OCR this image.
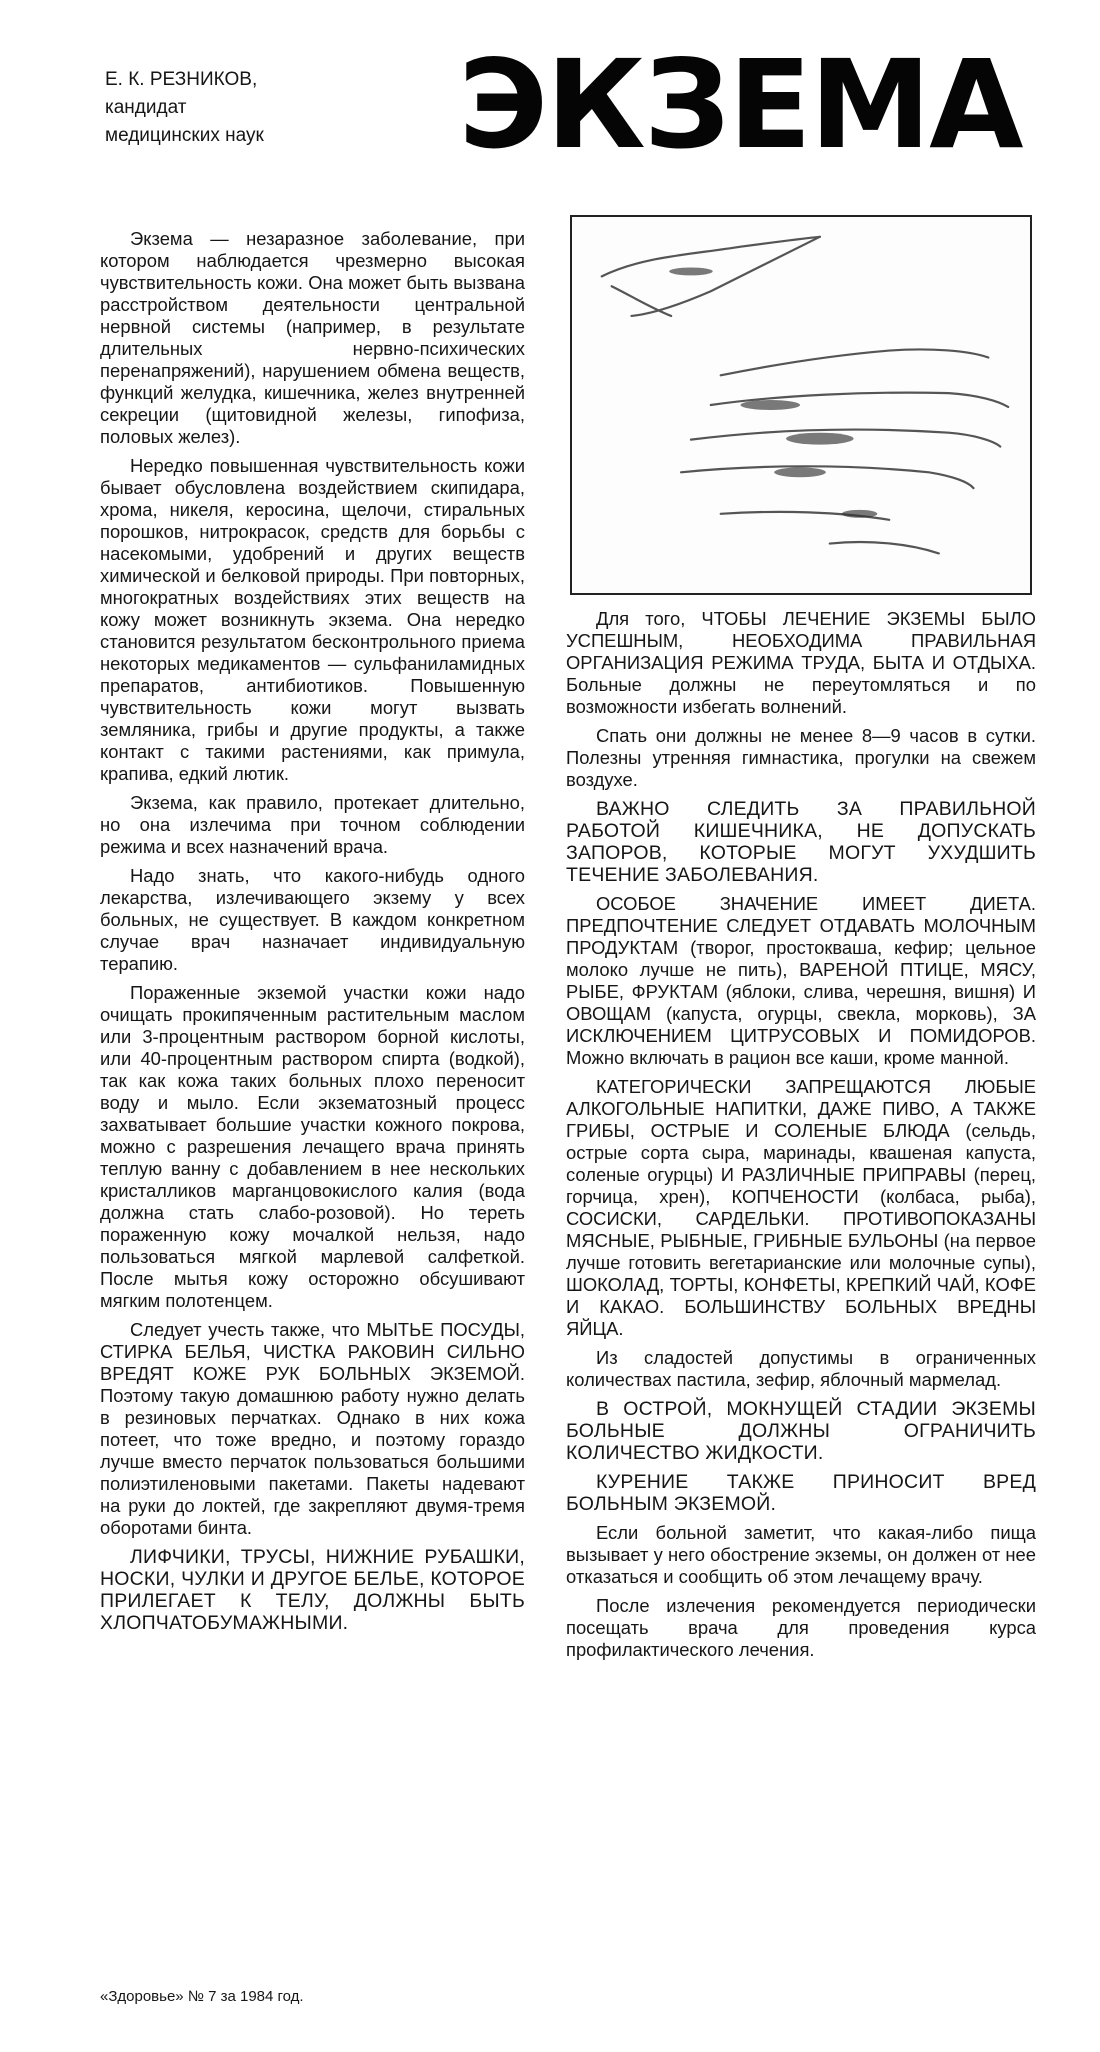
Е. К. РЕЗНИКОВ,
кандидат
медицинских наук	ЭКЗЕМА

Экзема — незаразное заболевание, при котором наблюдается чрезмерно высокая чувствительность кожи. Она может быть вызвана расстройством деятельности центральной нервной системы (например, в результате длительных нервно-психических перенапряжений), нарушением обмена веществ, функций желудка, кишечника, желез внутренней секреции (щитовидной железы, гипофиза, половых желез).

Нередко повышенная чувствительность кожи бывает обусловлена воздействием скипидара, хрома, никеля, керосина, щелочи, стиральных порошков, нитрокрасок, средств для борьбы с насекомыми, удобрений и других веществ химической и белковой природы. При повторных, многократных воздействиях этих веществ на кожу может возникнуть экзема. Она нередко становится результатом бесконтрольного приема некоторых медикаментов — сульфаниламидных препаратов, антибиотиков. Повышенную чувствительность кожи могут вызвать земляника, грибы и другие продукты, а также контакт с такими растениями, как примула, крапива, едкий лютик.

Экзема, как правило, протекает длительно, но она излечима при точном соблюдении режима и всех назначений врача.

Надо знать, что какого-нибудь одного лекарства, излечивающего экзему у всех больных, не существует. В каждом конкретном случае врач назначает индивидуальную терапию.

Пораженные экземой участки кожи надо очищать прокипяченным растительным маслом или 3-процентным раствором борной кислоты, или 40-процентным раствором спирта (водкой), так как кожа таких больных плохо переносит воду и мыло. Если экзематозный процесс захватывает большие участки кожного покрова, можно с разрешения лечащего врача принять теплую ванну с добавлением в нее нескольких кристалликов марганцовокислого калия (вода должна стать слабо-розовой). Но тереть пораженную кожу мочалкой нельзя, надо пользоваться мягкой марлевой салфеткой. После мытья кожу осторожно обсушивают мягким полотенцем.

Следует учесть также, что МЫТЬЕ ПОСУДЫ, СТИРКА БЕЛЬЯ, ЧИСТКА РАКОВИН СИЛЬНО ВРЕДЯТ КОЖЕ РУК БОЛЬНЫХ ЭКЗЕМОЙ. Поэтому такую домашнюю работу нужно делать в резиновых перчатках. Однако в них кожа потеет, что тоже вредно, и поэтому гораздо лучше вместо перчаток пользоваться большими полиэтиленовыми пакетами. Пакеты надевают на руки до локтей, где закрепляют двумя-тремя оборотами бинта.

ЛИФЧИКИ, ТРУСЫ, НИЖНИЕ РУБАШКИ, НОСКИ, ЧУЛКИ И ДРУГОЕ БЕЛЬЕ, КОТОРОЕ ПРИЛЕГАЕТ К ТЕЛУ, ДОЛЖНЫ БЫТЬ ХЛОПЧАТОБУМАЖНЫМИ.

Для того, ЧТОБЫ ЛЕЧЕНИЕ ЭКЗЕМЫ БЫЛО УСПЕШНЫМ, НЕОБХОДИМА ПРАВИЛЬНАЯ ОРГАНИЗАЦИЯ РЕЖИМА ТРУДА, БЫТА И ОТДЫХА. Больные должны не переутомляться и по возможности избегать волнений.

Спать они должны не менее 8—9 часов в сутки. Полезны утренняя гимнастика, прогулки на свежем воздухе.

ВАЖНО СЛЕДИТЬ ЗА ПРАВИЛЬНОЙ РАБОТОЙ КИШЕЧНИКА, НЕ ДОПУСКАТЬ ЗАПОРОВ, КОТОРЫЕ МОГУТ УХУДШИТЬ ТЕЧЕНИЕ ЗАБОЛЕВАНИЯ.

ОСОБОЕ ЗНАЧЕНИЕ ИМЕЕТ ДИЕТА. ПРЕДПОЧТЕНИЕ СЛЕДУЕТ ОТДАВАТЬ МОЛОЧНЫМ ПРОДУКТАМ (творог, простокваша, кефир; цельное молоко лучше не пить), ВАРЕНОЙ ПТИЦЕ, МЯСУ, РЫБЕ, ФРУКТАМ (яблоки, слива, черешня, вишня) И ОВОЩАМ (капуста, огурцы, свекла, морковь), ЗА ИСКЛЮЧЕНИЕМ ЦИТРУСОВЫХ И ПОМИДОРОВ. Можно включать в рацион все каши, кроме манной.

КАТЕГОРИЧЕСКИ ЗАПРЕЩАЮТСЯ ЛЮБЫЕ АЛКОГОЛЬНЫЕ НАПИТКИ, ДАЖЕ ПИВО, А ТАКЖЕ ГРИБЫ, ОСТРЫЕ И СОЛЕНЫЕ БЛЮДА (сельдь, острые сорта сыра, маринады, квашеная капуста, соленые огурцы) И РАЗЛИЧНЫЕ ПРИПРАВЫ (перец, горчица, хрен), КОПЧЕНОСТИ (колбаса, рыба), СОСИСКИ, САРДЕЛЬКИ. ПРОТИВОПОКАЗАНЫ МЯСНЫЕ, РЫБНЫЕ, ГРИБНЫЕ БУЛЬОНЫ (на первое лучше готовить вегетарианские или молочные супы), ШОКОЛАД, ТОРТЫ, КОНФЕТЫ, КРЕПКИЙ ЧАЙ, КОФЕ И КАКАО. БОЛЬШИНСТВУ БОЛЬНЫХ ВРЕДНЫ ЯЙЦА.

Из сладостей допустимы в ограниченных количествах пастила, зефир, яблочный мармелад.

В ОСТРОЙ, МОКНУЩЕЙ СТАДИИ ЭКЗЕМЫ БОЛЬНЫЕ ДОЛЖНЫ ОГРАНИЧИТЬ КОЛИЧЕСТВО ЖИДКОСТИ.

КУРЕНИЕ ТАКЖЕ ПРИНОСИТ ВРЕД БОЛЬНЫМ ЭКЗЕМОЙ.

Если больной заметит, что какая-либо пища вызывает у него обострение экземы, он должен от нее отказаться и сообщить об этом лечащему врачу.

После излечения рекомендуется периодически посещать врача для проведения курса профилактического лечения.

«Здоровье» № 7 за 1984 год.
